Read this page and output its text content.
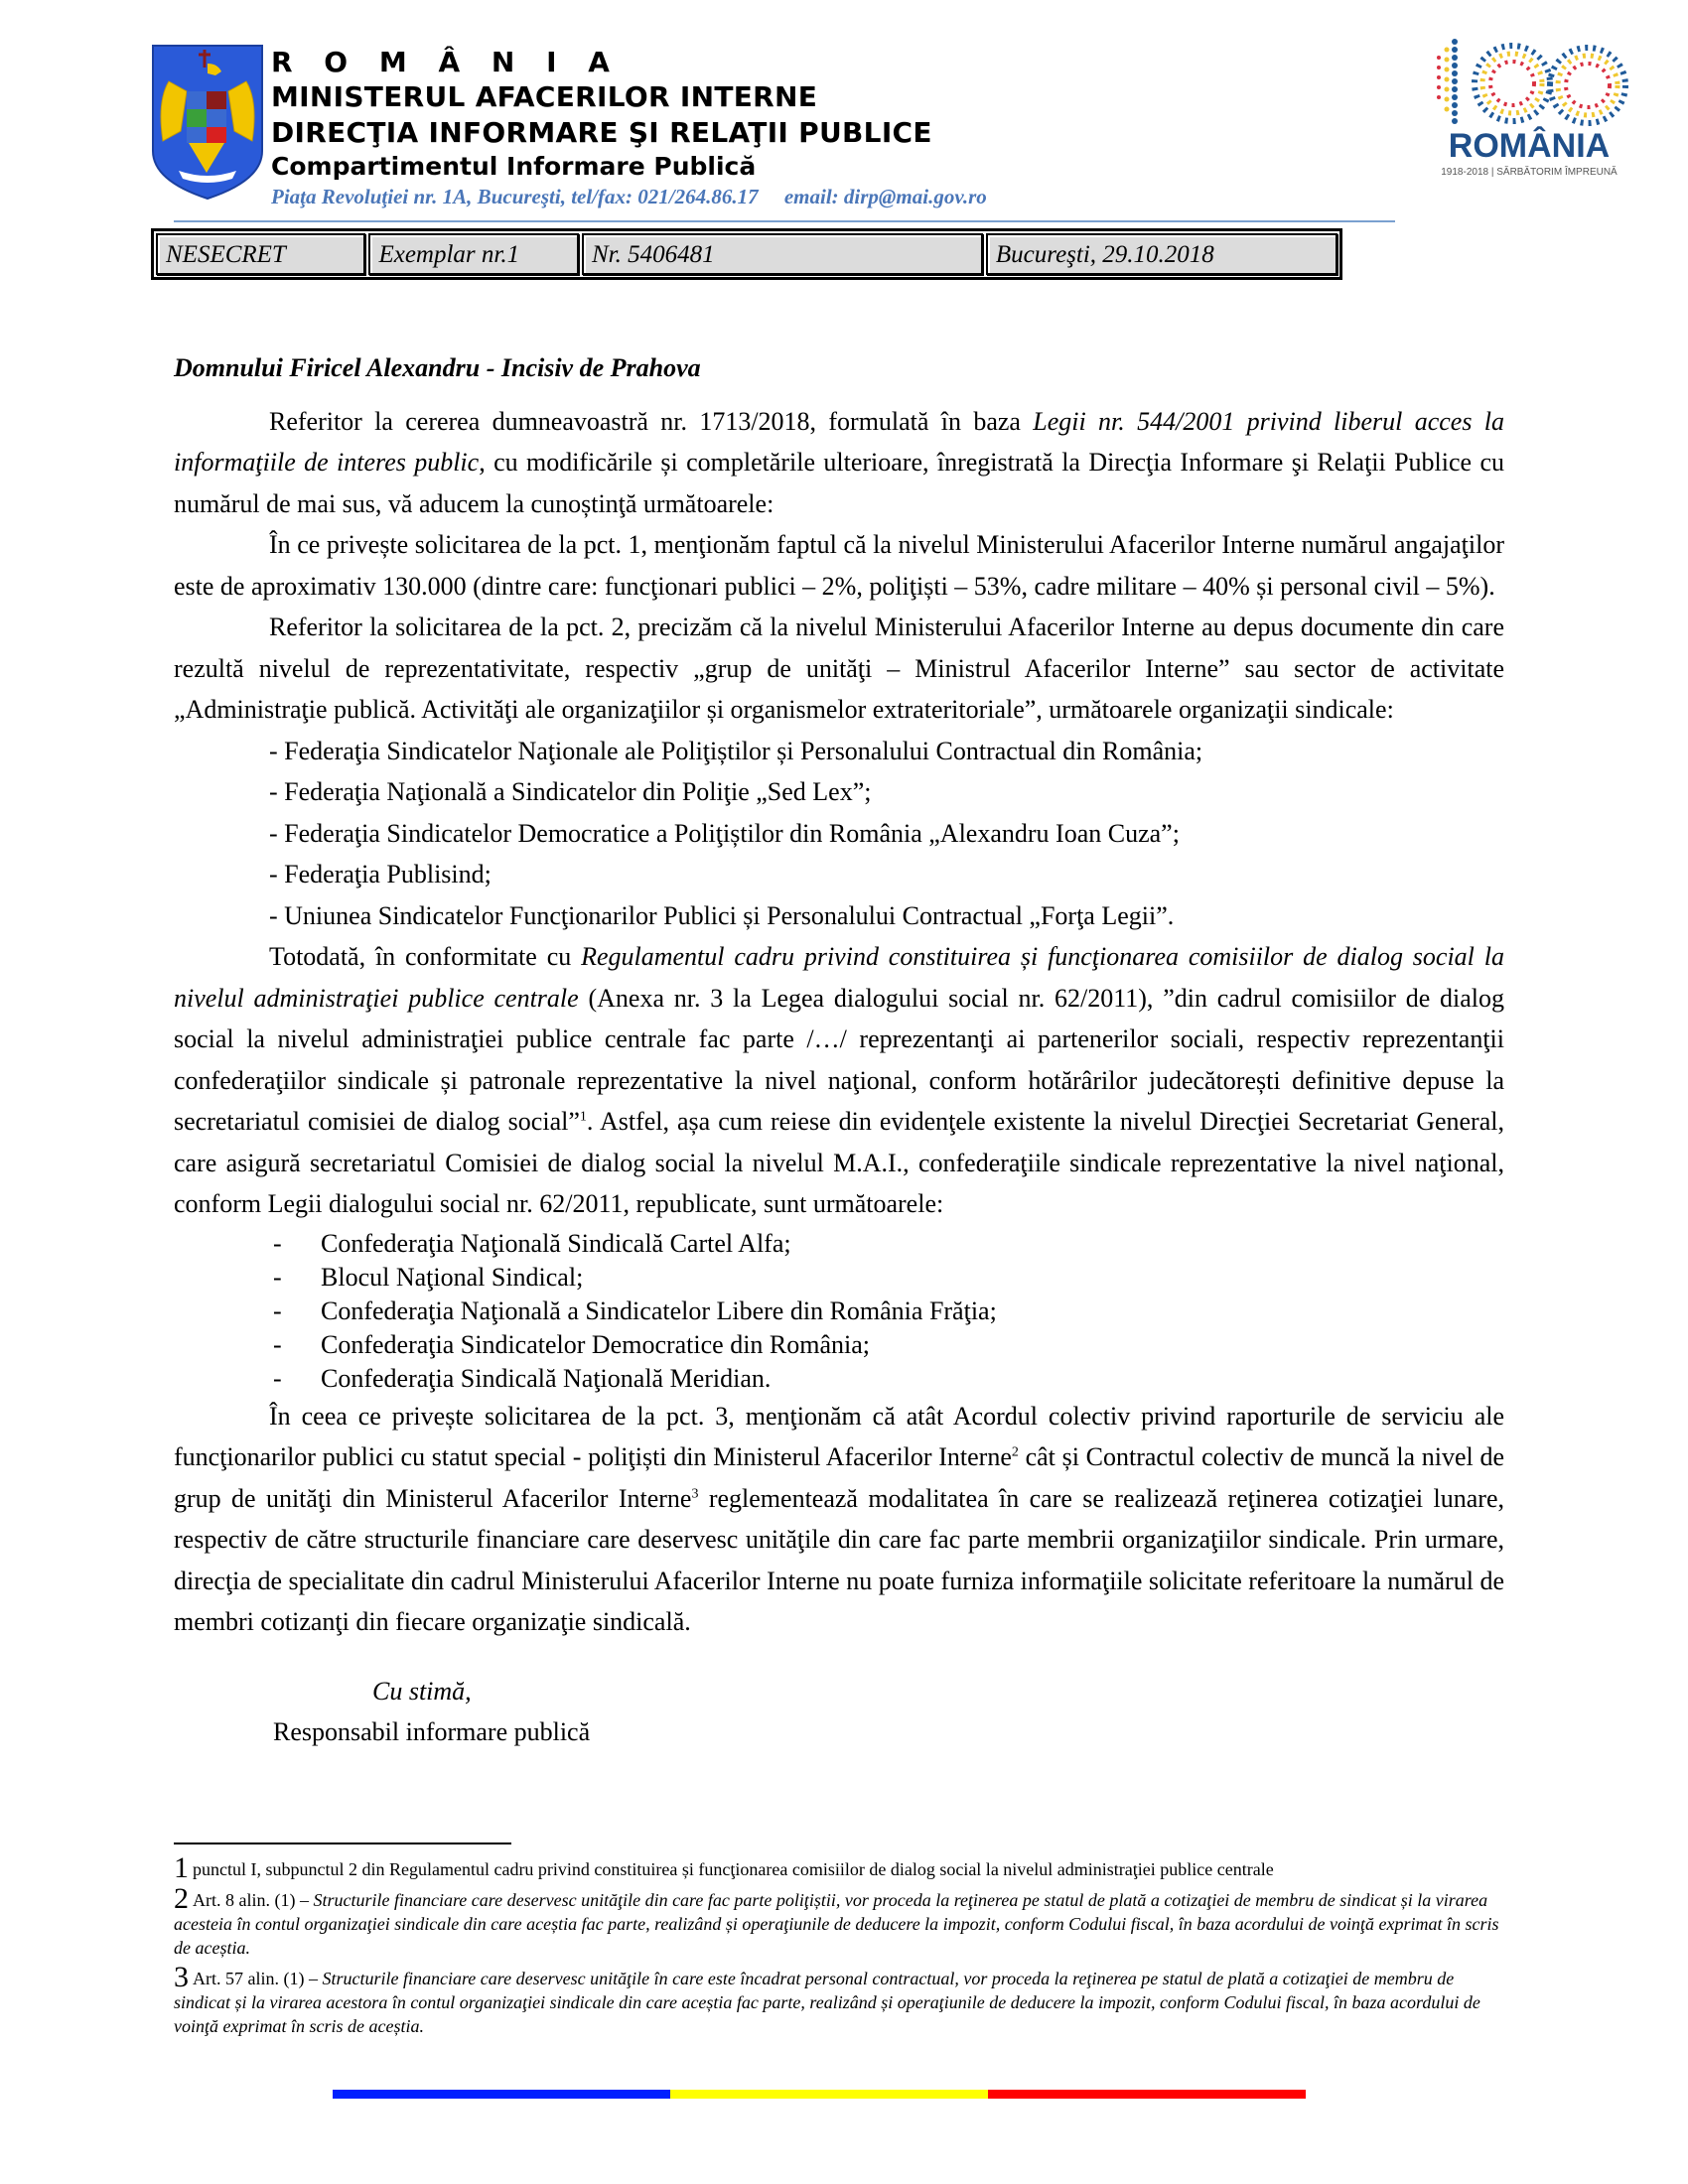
R O M Â N I A
MINISTERUL AFACERILOR INTERNE
DIRECŢIA INFORMARE ŞI RELAŢII PUBLICE
Compartimentul Informare Publică
Piaţa Revoluţiei nr. 1A, Bucureşti, tel/fax: 021/264.86.17     email: dirp@mai.gov.ro
ROMÂNIA
1918-2018 | SĂRBĂTORIM ÎMPREUNĂ
NESECRET	Exemplar nr.1	Nr. 5406481	Bucureşti, 29.10.2018
Domnului Firicel Alexandru - Incisiv de Prahova

Referitor la cererea dumneavoastră nr. 1713/2018, formulată în baza Legii nr. 544/2001 privind liberul acces la informaţiile de interes public, cu modificările și completările ulterioare, înregistrată la Direcţia Informare şi Relaţii Publice cu numărul de mai sus, vă aducem la cunoștinţă următoarele:

În ce privește solicitarea de la pct. 1, menţionăm faptul că la nivelul Ministerului Afacerilor Interne numărul angajaţilor este de aproximativ 130.000 (dintre care: funcţionari publici – 2%, poliţiști – 53%, cadre militare – 40% și personal civil – 5%).

Referitor la solicitarea de la pct. 2, precizăm că la nivelul Ministerului Afacerilor Interne au depus documente din care rezultă nivelul de reprezentativitate, respectiv „grup de unităţi – Ministrul Afacerilor Interne” sau sector de activitate „Administraţie publică. Activităţi ale organizaţiilor și organismelor extrateritoriale”, următoarele organizaţii sindicale:

- Federaţia Sindicatelor Naţionale ale Poliţiștilor și Personalului Contractual din România;

- Federaţia Naţională a Sindicatelor din Poliţie „Sed Lex”;

- Federaţia Sindicatelor Democratice a Poliţiștilor din România „Alexandru Ioan Cuza”;

- Federaţia Publisind;

- Uniunea Sindicatelor Funcţionarilor Publici și Personalului Contractual „Forţa Legii”.

Totodată, în conformitate cu Regulamentul cadru privind constituirea și funcţionarea comisiilor de dialog social la nivelul administraţiei publice centrale (Anexa nr. 3 la Legea dialogului social nr. 62/2011), ”din cadrul comisiilor de dialog social la nivelul administraţiei publice centrale fac parte /…/ reprezentanţi ai partenerilor sociali, respectiv reprezentanţii confederaţiilor sindicale și patronale reprezentative la nivel naţional, conform hotărârilor judecătorești definitive depuse la secretariatul comisiei de dialog social”$^1$. Astfel, așa cum reiese din evidenţele existente la nivelul Direcţiei Secretariat General, care asigură secretariatul Comisiei de dialog social la nivelul M.A.I., confederaţiile sindicale reprezentative la nivel naţional, conform Legii dialogului social nr. 62/2011, republicate, sunt următoarele:

-	Confederaţia Naţională Sindicală Cartel Alfa;
-	Blocul Naţional Sindical;
-	Confederaţia Naţională a Sindicatelor Libere din România Frăţia;
-	Confederaţia Sindicatelor Democratice din România;
-	Confederaţia Sindicală Naţională Meridian.

În ceea ce privește solicitarea de la pct. 3, menţionăm că atât Acordul colectiv privind raporturile de serviciu ale funcţionarilor publici cu statut special - poliţiști din Ministerul Afacerilor Interne$^2$ cât și Contractul colectiv de muncă la nivel de grup de unităţi din Ministerul Afacerilor Interne$^3$ reglementează modalitatea în care se realizează reţinerea cotizaţiei lunare, respectiv de către structurile financiare care deservesc unităţile din care fac parte membrii organizaţiilor sindicale. Prin urmare, direcţia de specialitate din cadrul Ministerului Afacerilor Interne nu poate furniza informaţiile solicitate referitoare la numărul de membri cotizanţi din fiecare organizaţie sindicală.

Cu stimă,
Responsabil informare publică
1 punctul I, subpunctul 2 din Regulamentul cadru privind constituirea și funcţionarea comisiilor de dialog social la nivelul administraţiei publice centrale
2 Art. 8 alin. (1) – Structurile financiare care deservesc unităţile din care fac parte poliţiștii, vor proceda la reţinerea pe statul de plată a cotizaţiei de membru de sindicat și la virarea acesteia în contul organizaţiei sindicale din care aceștia fac parte, realizând și operaţiunile de deducere la impozit, conform Codului fiscal, în baza acordului de voinţă exprimat în scris de aceștia.
3 Art. 57 alin. (1) – Structurile financiare care deservesc unităţile în care este încadrat personal contractual, vor proceda la reţinerea pe statul de plată a cotizaţiei de membru de sindicat și la virarea acestora în contul organizaţiei sindicale din care aceștia fac parte, realizând și operaţiunile de deducere la impozit, conform Codului fiscal, în baza acordului de voinţă exprimat în scris de aceștia.
